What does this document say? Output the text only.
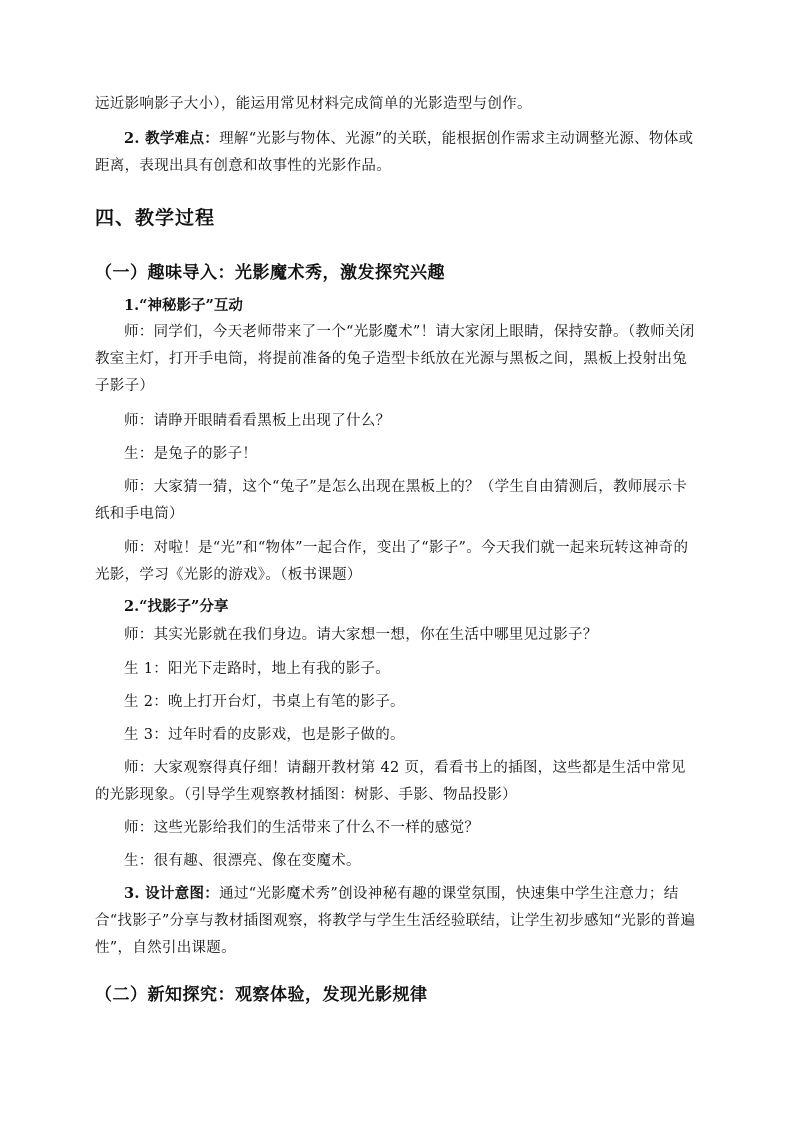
远近影响影子大小），能运用常见材料完成简单的光影造型与创作。
2. 教学难点：理解“光影与物体、光源”的关联，能根据创作需求主动调整光源、物体或距离，表现出具有创意和故事性的光影作品。
四、教学过程
（一）趣味导入：光影魔术秀，激发探究兴趣
1.“神秘影子”互动
师：同学们，今天老师带来了一个“光影魔术”！请大家闭上眼睛，保持安静。（教师关闭教室主灯，打开手电筒，将提前准备的兔子造型卡纸放在光源与黑板之间，黑板上投射出兔子影子）
师：请睁开眼睛看看黑板上出现了什么？
生：是兔子的影子！
师：大家猜一猜，这个“兔子”是怎么出现在黑板上的？（学生自由猜测后，教师展示卡纸和手电筒）
师：对啦！是“光”和“物体”一起合作，变出了“影子”。今天我们就一起来玩转这神奇的光影，学习《光影的游戏》。（板书课题）
2.“找影子”分享
师：其实光影就在我们身边。请大家想一想，你在生活中哪里见过影子？
生 1：阳光下走路时，地上有我的影子。
生 2：晚上打开台灯，书桌上有笔的影子。
生 3：过年时看的皮影戏，也是影子做的。
师：大家观察得真仔细！请翻开教材第 42 页，看看书上的插图，这些都是生活中常见的光影现象。（引导学生观察教材插图：树影、手影、物品投影）
师：这些光影给我们的生活带来了什么不一样的感觉？
生：很有趣、很漂亮、像在变魔术。
3. 设计意图：通过“光影魔术秀”创设神秘有趣的课堂氛围，快速集中学生注意力；结合“找影子”分享与教材插图观察，将教学与学生生活经验联结，让学生初步感知“光影的普遍性”，自然引出课题。
（二）新知探究：观察体验，发现光影规律
